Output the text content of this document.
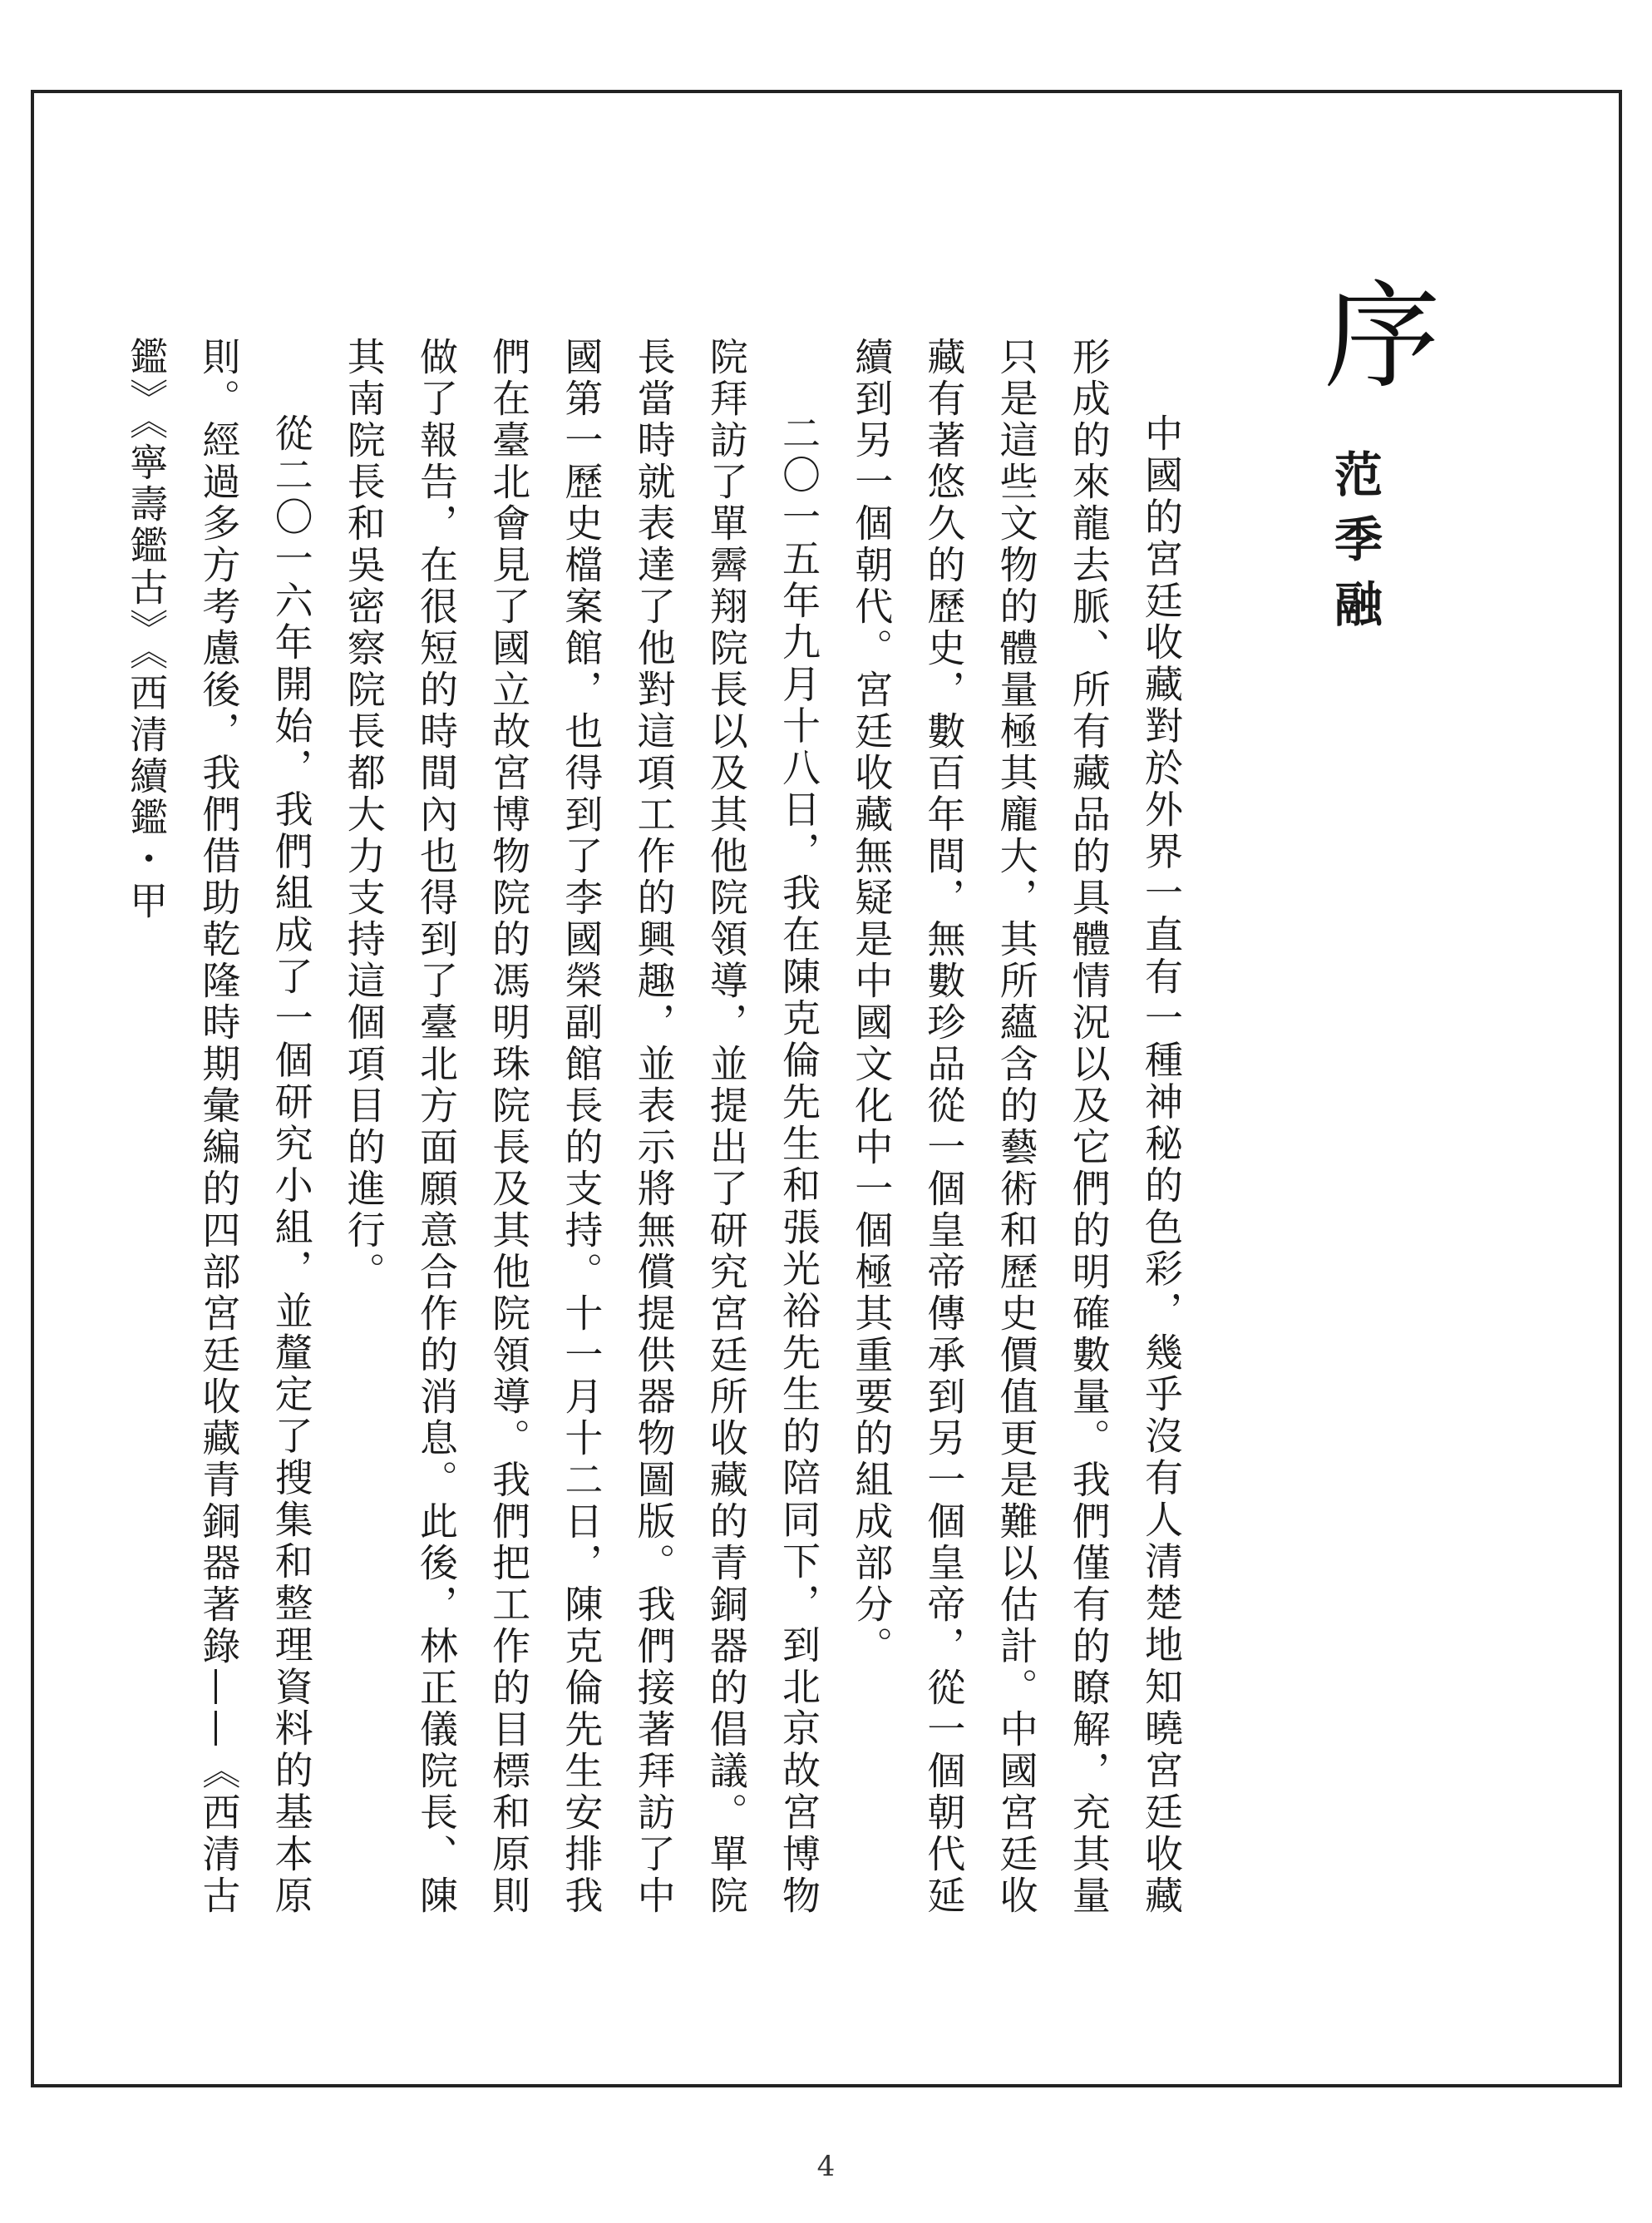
序
范季融

中國的宮廷收藏對於外界一直有一種神秘的色彩，幾乎沒有人清楚地知曉宮廷收藏形成的來龍去脈、所有藏品的具體情況以及它們的明確數量。我們僅有的瞭解，充其量只是這些文物的體量極其龐大，其所蘊含的藝術和歷史價值更是難以估計。中國宮廷收藏有著悠久的歷史，數百年間，無數珍品從一個皇帝傳承到另一個皇帝，從一個朝代延續到另一個朝代。宮廷收藏無疑是中國文化中一個極其重要的組成部分。

二〇一五年九月十八日，我在陳克倫先生和張光裕先生的陪同下，到北京故宮博物院拜訪了單霽翔院長以及其他院領導，並提出了研究宮廷所收藏的青銅器的倡議。單院長當時就表達了他對這項工作的興趣，並表示將無償提供器物圖版。我們接著拜訪了中國第一歷史檔案館，也得到了李國榮副館長的支持。十一月十二日，陳克倫先生安排我們在臺北會見了國立故宮博物院的馮明珠院長及其他院領導。我們把工作的目標和原則做了報告，在很短的時間內也得到了臺北方面願意合作的消息。此後，林正儀院長、陳其南院長和吳密察院長都大力支持這個項目的進行。

從二〇一六年開始，我們組成了一個研究小組，並釐定了搜集和整理資料的基本原則。經過多方考慮後，我們借助乾隆時期彙編的四部宮廷收藏青銅器著錄——《西清古鑑》《寧壽鑑古》《西清續鑑・甲

4
